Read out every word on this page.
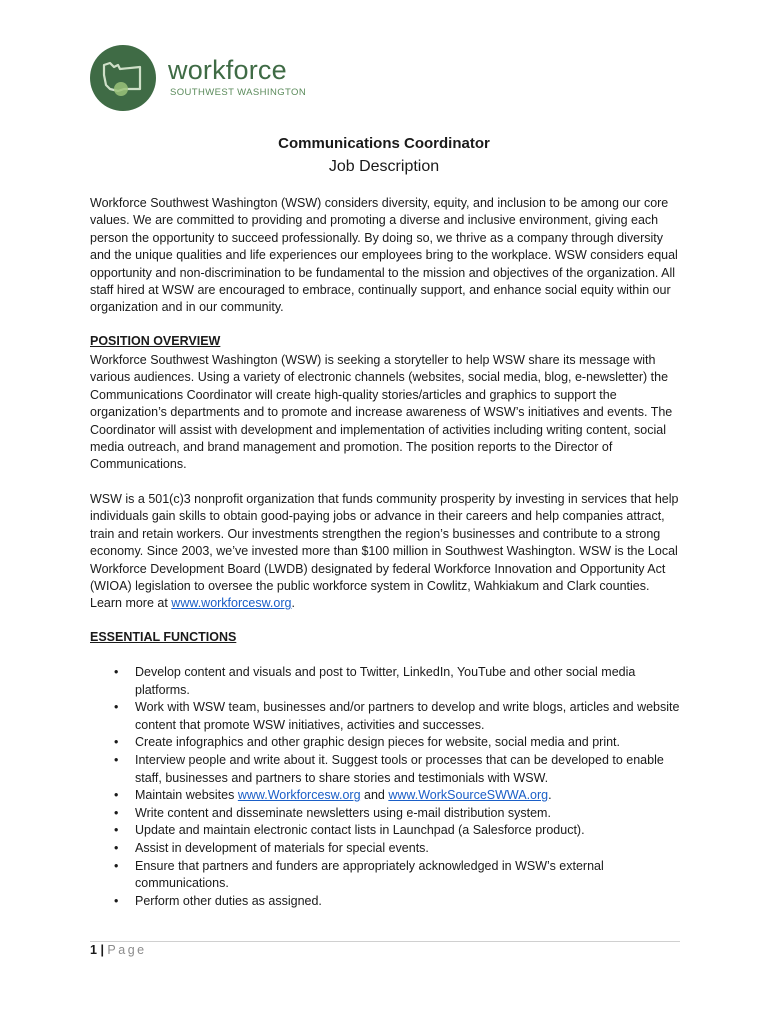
workforce
SOUTHWEST WASHINGTON
Communications Coordinator
Job Description
Workforce Southwest Washington (WSW) considers diversity, equity, and inclusion to be among our core values. We are committed to providing and promoting a diverse and inclusive environment, giving each person the opportunity to succeed professionally. By doing so, we thrive as a company through diversity and the unique qualities and life experiences our employees bring to the workplace. WSW considers equal opportunity and non-discrimination to be fundamental to the mission and objectives of the organization. All staff hired at WSW are encouraged to embrace, continually support, and enhance social equity within our organization and in our community.
POSITION OVERVIEW
Workforce Southwest Washington (WSW) is seeking a storyteller to help WSW share its message with various audiences. Using a variety of electronic channels (websites, social media, blog, e-newsletter) the Communications Coordinator will create high-quality stories/articles and graphics to support the organization’s departments and to promote and increase awareness of WSW’s initiatives and events. The Coordinator will assist with development and implementation of activities including writing content, social media outreach, and brand management and promotion. The position reports to the Director of Communications.
WSW is a 501(c)3 nonprofit organization that funds community prosperity by investing in services that help individuals gain skills to obtain good-paying jobs or advance in their careers and help companies attract, train and retain workers. Our investments strengthen the region’s businesses and contribute to a strong economy. Since 2003, we’ve invested more than $100 million in Southwest Washington. WSW is the Local Workforce Development Board (LWDB) designated by federal Workforce Innovation and Opportunity Act (WIOA) legislation to oversee the public workforce system in Cowlitz, Wahkiakum and Clark counties. Learn more at www.workforcesw.org.
ESSENTIAL FUNCTIONS
• Develop content and visuals and post to Twitter, LinkedIn, YouTube and other social media platforms.
• Work with WSW team, businesses and/or partners to develop and write blogs, articles and website content that promote WSW initiatives, activities and successes.
• Create infographics and other graphic design pieces for website, social media and print.
• Interview people and write about it. Suggest tools or processes that can be developed to enable staff, businesses and partners to share stories and testimonials with WSW.
• Maintain websites www.Workforcesw.org and www.WorkSourceSWWA.org.
• Write content and disseminate newsletters using e-mail distribution system.
• Update and maintain electronic contact lists in Launchpad (a Salesforce product).
• Assist in development of materials for special events.
• Ensure that partners and funders are appropriately acknowledged in WSW’s external communications.
• Perform other duties as assigned.
1 | Page
